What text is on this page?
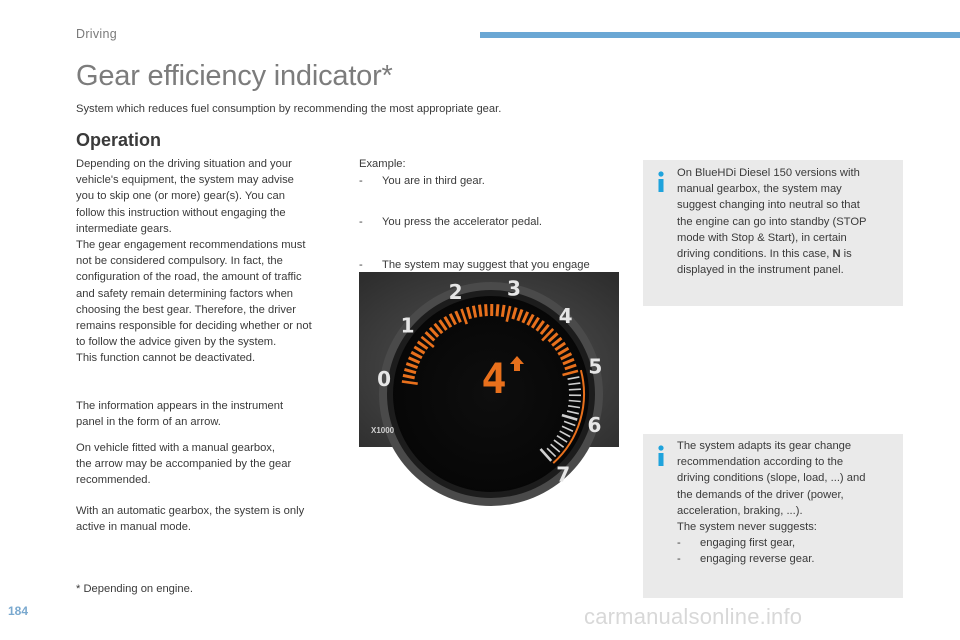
Driving
Gear efficiency indicator*
System which reduces fuel consumption by recommending the most appropriate gear.
Operation

Depending on the driving situation and your

vehicle's equipment, the system may advise

you to skip one (or more) gear(s). You can

follow this instruction without engaging the

intermediate gears.

The gear engagement recommendations must

not be considered compulsory. In fact, the

configuration of the road, the amount of traffic

and safety remain determining factors when

choosing the best gear. Therefore, the driver

remains responsible for deciding whether or not

to follow the advice given by the system.

This function cannot be deactivated.

The information appears in the instrument

panel in the form of an arrow.

On vehicle fitted with a manual gearbox,

the arrow may be accompanied by the gear

recommended.

With an automatic gearbox, the system is only

active in manual mode.

Example:
- You are in third gear.
- You press the accelerator pedal.
- The system may suggest that you engage
0
1
2 3
4
5
6
7
X1000
4
On BlueHDi Diesel 150 versions with
manual gearbox, the system may
suggest changing into neutral so that
the engine can go into standby (STOP
mode with Stop & Start), in certain
driving conditions. In this case, N is
displayed in the instrument panel.
The system adapts its gear change
recommendation according to the
driving conditions (slope, load, ...) and
the demands of the driver (power,
acceleration, braking, ...).
The system never suggests:
- engaging first gear,
- engaging reverse gear.
* Depending on engine.
184	carmanualsonline.info
